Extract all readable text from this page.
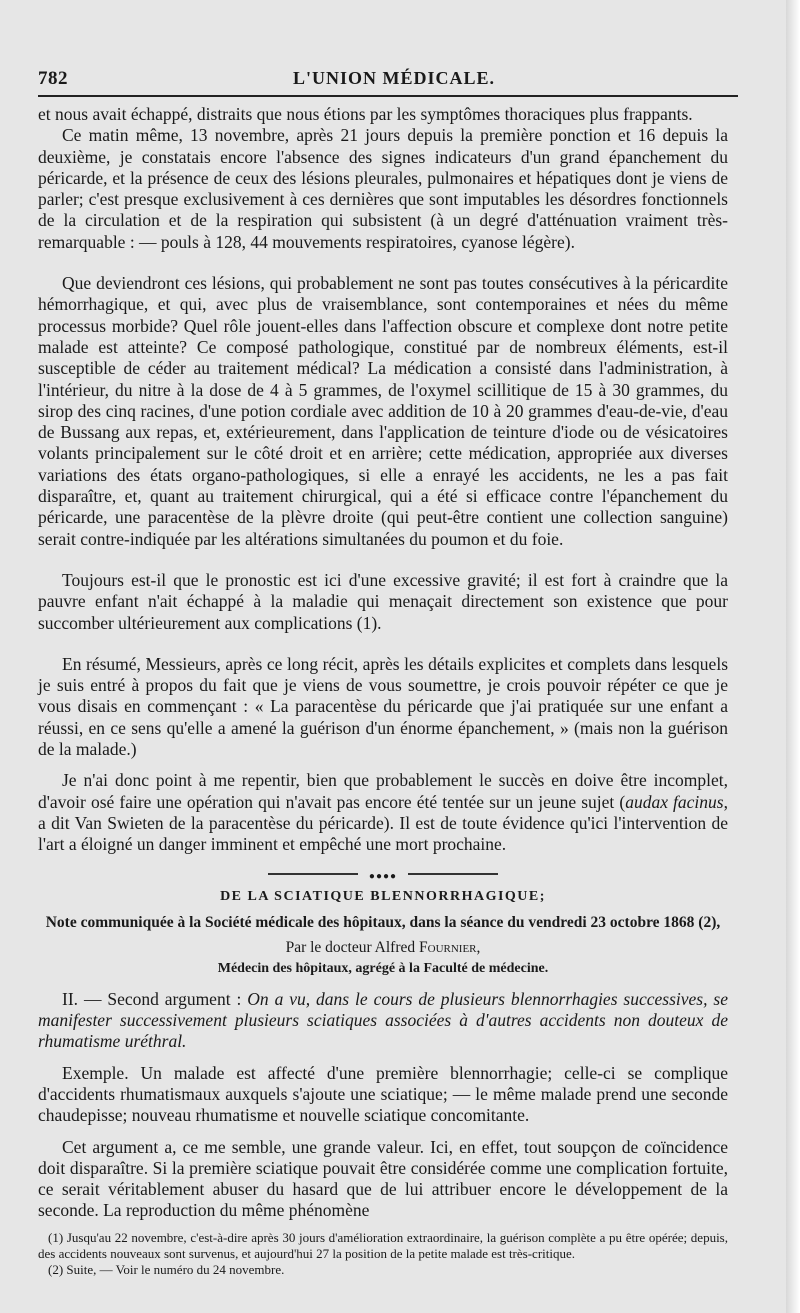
782	L'UNION MÉDICALE.

et nous avait échappé, distraits que nous étions par les symptômes thoraciques plus frappants.

Ce matin même, 13 novembre, après 21 jours depuis la première ponction et 16 depuis la deuxième, je constatais encore l'absence des signes indicateurs d'un grand épanchement du péricarde, et la présence de ceux des lésions pleurales, pulmonaires et hépatiques dont je viens de parler; c'est presque exclusivement à ces dernières que sont imputables les désordres fonctionnels de la circulation et de la respiration qui subsistent (à un degré d'atténuation vraiment très-remarquable : — pouls à 128, 44 mouvements respiratoires, cyanose légère).

Que deviendront ces lésions, qui probablement ne sont pas toutes consécutives à la péricardite hémorrhagique, et qui, avec plus de vraisemblance, sont contemporaines et nées du même processus morbide? Quel rôle jouent-elles dans l'affection obscure et complexe dont notre petite malade est atteinte? Ce composé pathologique, constitué par de nombreux éléments, est-il susceptible de céder au traitement médical? La médication a consisté dans l'administration, à l'intérieur, du nitre à la dose de 4 à 5 grammes, de l'oxymel scillitique de 15 à 30 grammes, du sirop des cinq racines, d'une potion cordiale avec addition de 10 à 20 grammes d'eau-de-vie, d'eau de Bussang aux repas, et, extérieurement, dans l'application de teinture d'iode ou de vésicatoires volants principalement sur le côté droit et en arrière; cette médication, appropriée aux diverses variations des états organo-pathologiques, si elle a enrayé les accidents, ne les a pas fait disparaître, et, quant au traitement chirurgical, qui a été si efficace contre l'épanchement du péricarde, une paracentèse de la plèvre droite (qui peut-être contient une collection sanguine) serait contre-indiquée par les altérations simultanées du poumon et du foie.

Toujours est-il que le pronostic est ici d'une excessive gravité; il est fort à craindre que la pauvre enfant n'ait échappé à la maladie qui menaçait directement son existence que pour succomber ultérieurement aux complications (1).

En résumé, Messieurs, après ce long récit, après les détails explicites et complets dans lesquels je suis entré à propos du fait que je viens de vous soumettre, je crois pouvoir répéter ce que je vous disais en commençant : « La paracentèse du péricarde que j'ai pratiquée sur une enfant a réussi, en ce sens qu'elle a amené la guérison d'un énorme épanchement, » (mais non la guérison de la malade.)

Je n'ai donc point à me repentir, bien que probablement le succès en doive être incomplet, d'avoir osé faire une opération qui n'avait pas encore été tentée sur un jeune sujet (audax facinus, a dit Van Swieten de la paracentèse du péricarde). Il est de toute évidence qu'ici l'intervention de l'art a éloigné un danger imminent et empêché une mort prochaine.

●●●●
DE LA SCIATIQUE BLENNORRHAGIQUE;
Note communiquée à la Société médicale des hôpitaux, dans la séance du vendredi 23 octobre 1868 (2),
Par le docteur Alfred Fournier,
Médecin des hôpitaux, agrégé à la Faculté de médecine.

II. — Second argument : On a vu, dans le cours de plusieurs blennorrhagies successives, se manifester successivement plusieurs sciatiques associées à d'autres accidents non douteux de rhumatisme uréthral.

Exemple. Un malade est affecté d'une première blennorrhagie; celle-ci se complique d'accidents rhumatismaux auxquels s'ajoute une sciatique; — le même malade prend une seconde chaudepisse; nouveau rhumatisme et nouvelle sciatique concomitante.

Cet argument a, ce me semble, une grande valeur. Ici, en effet, tout soupçon de coïncidence doit disparaître. Si la première sciatique pouvait être considérée comme une complication fortuite, ce serait véritablement abuser du hasard que de lui attribuer encore le développement de la seconde. La reproduction du même phénomène

(1) Jusqu'au 22 novembre, c'est-à-dire après 30 jours d'amélioration extraordinaire, la guérison complète a pu être opérée; depuis, des accidents nouveaux sont survenus, et aujourd'hui 27 la position de la petite malade est très-critique.

(2) Suite, — Voir le numéro du 24 novembre.
